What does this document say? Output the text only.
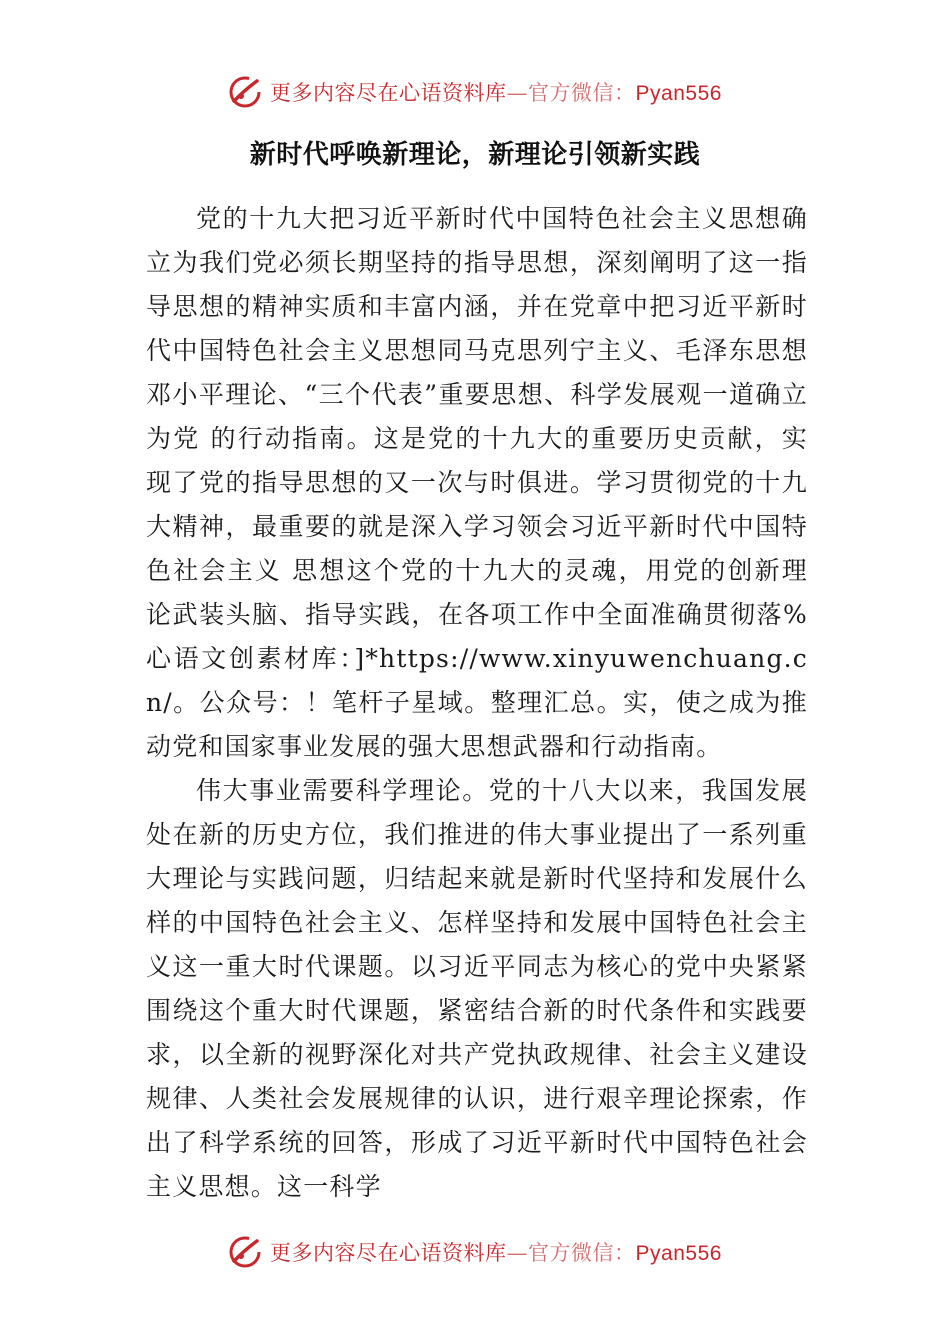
更多内容尽在心语资料库—官方微信：Pyan556
新时代呼唤新理论，新理论引领新实践

党的十九大把习近平新时代中国特色社会主义思想确立为我们党必须长期坚持的指导思想，深刻阐明了这一指导思想的精神实质和丰富内涵，并在党章中把习近平新时代中国特色社会主义思想同马克思列宁主义、毛泽东思想邓小平理论、“三个代表”重要思想、科学发展观一道确立为党 的行动指南。这是党的十九大的重要历史贡献，实现了党的指导思想的又一次与时俱进。学习贯彻党的十九大精神，最重要的就是深入学习领会习近平新时代中国特色社会主义 思想这个党的十九大的灵魂，用党的创新理论武装头脑、指导实践，在各项工作中全面准确贯彻落%心语文创素材库：]*https://www.xinyuwenchuang.cn/。公众号：！笔杆子星域。整理汇总。实，使之成为推动党和国家事业发展的强大思想武器和行动指南。

伟大事业需要科学理论。党的十八大以来，我国发展处在新的历史方位，我们推进的伟大事业提出了一系列重大理论与实践问题，归结起来就是新时代坚持和发展什么样的中国特色社会主义、怎样坚持和发展中国特色社会主义这一重大时代课题。以习近平同志为核心的党中央紧紧围绕这个重大时代课题，紧密结合新的时代条件和实践要求，以全新的视野深化对共产党执政规律、社会主义建设规律、人类社会发展规律的认识，进行艰辛理论探索，作出了科学系统的回答，形成了习近平新时代中国特色社会主义思想。这一科学

更多内容尽在心语资料库—官方微信：Pyan556
